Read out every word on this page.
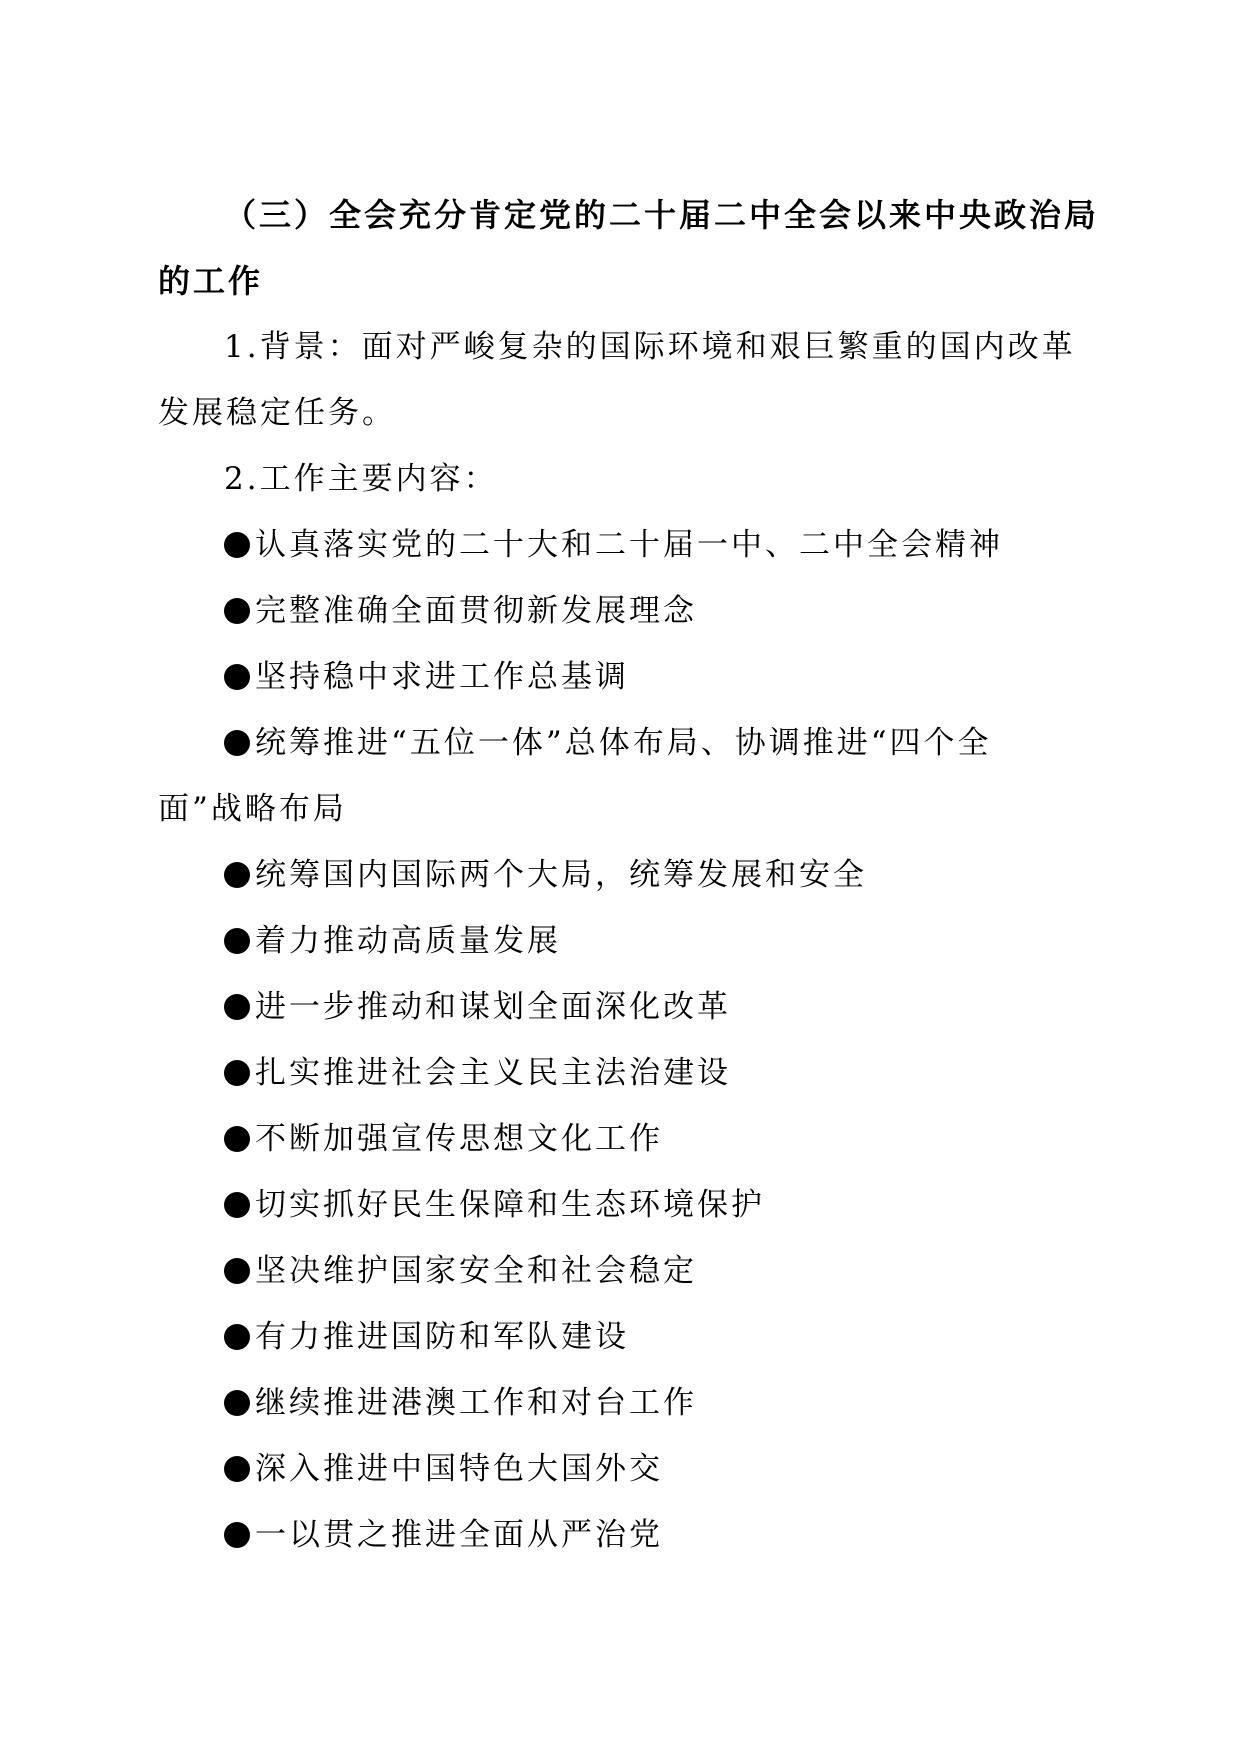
（三）全会充分肯定党的二十届二中全会以来中央政治局
的工作
1.背景：面对严峻复杂的国际环境和艰巨繁重的国内改革
发展稳定任务。
2.工作主要内容：
认真落实党的二十大和二十届一中、二中全会精神
完整准确全面贯彻新发展理念
坚持稳中求进工作总基调
统筹推进“五位一体”总体布局、协调推进“四个全
面”战略布局
统筹国内国际两个大局，统筹发展和安全
着力推动高质量发展
进一步推动和谋划全面深化改革
扎实推进社会主义民主法治建设
不断加强宣传思想文化工作
切实抓好民生保障和生态环境保护
坚决维护国家安全和社会稳定
有力推进国防和军队建设
继续推进港澳工作和对台工作
深入推进中国特色大国外交
一以贯之推进全面从严治党
